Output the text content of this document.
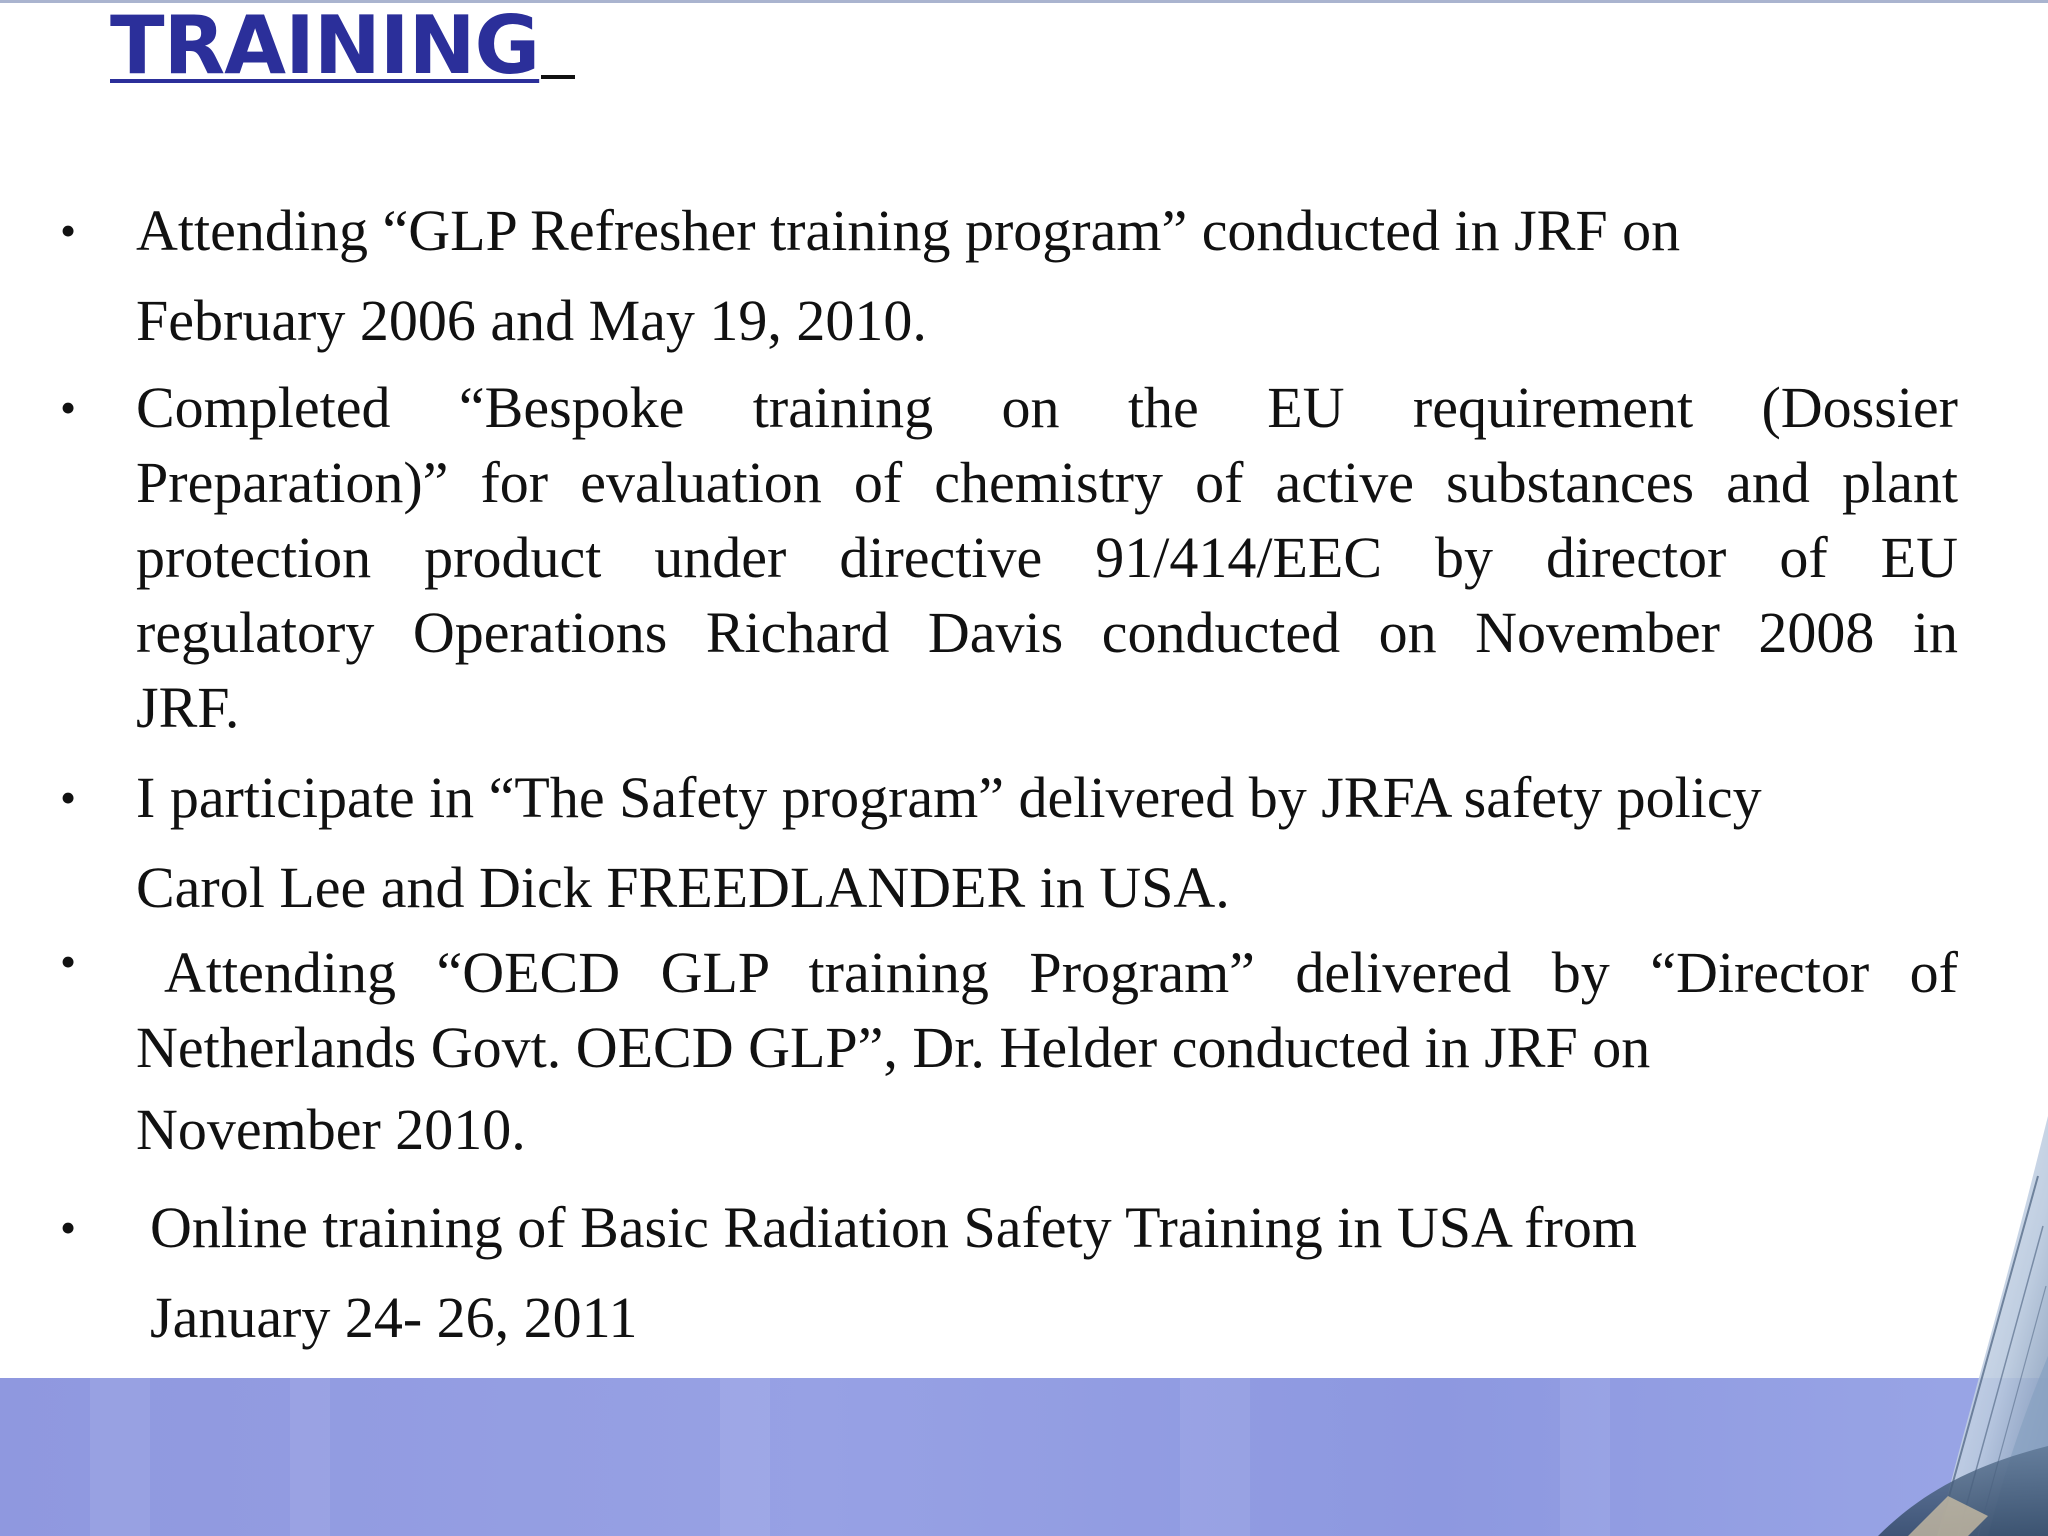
TRAINING
• Attending “GLP Refresher training program” conducted in JRF on
February 2006 and May 19, 2010.
• Completed “Bespoke training on the EU requirement (Dossier
Preparation)” for evaluation of chemistry of active substances and plant
protection product under directive 91/414/EEC by director of EU
regulatory Operations Richard Davis conducted on November 2008 in
JRF.
• I participate in “The Safety program” delivered by JRFA safety policy
Carol Lee and Dick FREEDLANDER in USA.
•	Attending “OECD GLP training Program” delivered by “Director of
Netherlands Govt. OECD GLP”, Dr. Helder conducted in JRF on
November 2010.
• Online training of Basic Radiation Safety Training in USA from
January 24- 26, 2011
